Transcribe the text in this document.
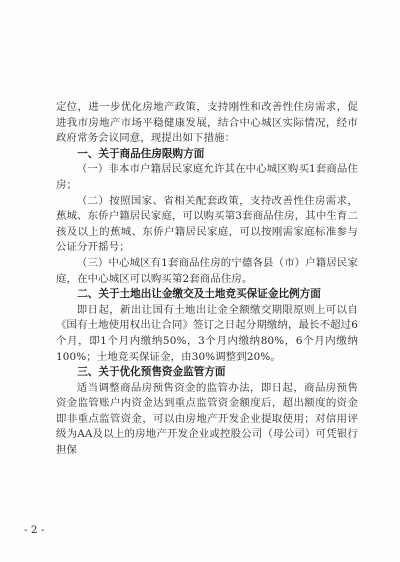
定位，进一步优化房地产政策，支持刚性和改善性住房需求，促进我市房地产市场平稳健康发展，结合中心城区实际情况，经市政府常务会议同意，现提出如下措施：

一、关于商品住房限购方面

（一）非本市户籍居民家庭允许其在中心城区购买1套商品住房；

（二）按照国家、省相关配套政策，支持改善性住房需求，蕉城、东侨户籍居民家庭，可以购买第3套商品住房，其中生育二孩及以上的蕉城、东侨户籍居民家庭，可以按刚需家庭标准参与公证分开摇号；

（三）中心城区有1套商品住房的宁德各县（市）户籍居民家庭，在中心城区可以购买第2套商品住房。

二、关于土地出让金缴交及土地竞买保证金比例方面

即日起，新出让国有土地出让金全额缴交期限原则上可以自《国有土地使用权出让合同》签订之日起分期缴纳，最长不超过6个月，即1个月内缴纳50%，3个月内缴纳80%，6个月内缴纳100%；土地竞买保证金，由30%调整到20%。

三、关于优化预售资金监管方面

适当调整商品房预售资金的监管办法，即日起，商品房预售资金监管账户内资金达到重点监管资金额度后，超出额度的资金即非重点监管资金，可以由房地产开发企业提取使用；对信用评级为AA及以上的房地产开发企业或控股公司（母公司）可凭银行担保

- 2 -
